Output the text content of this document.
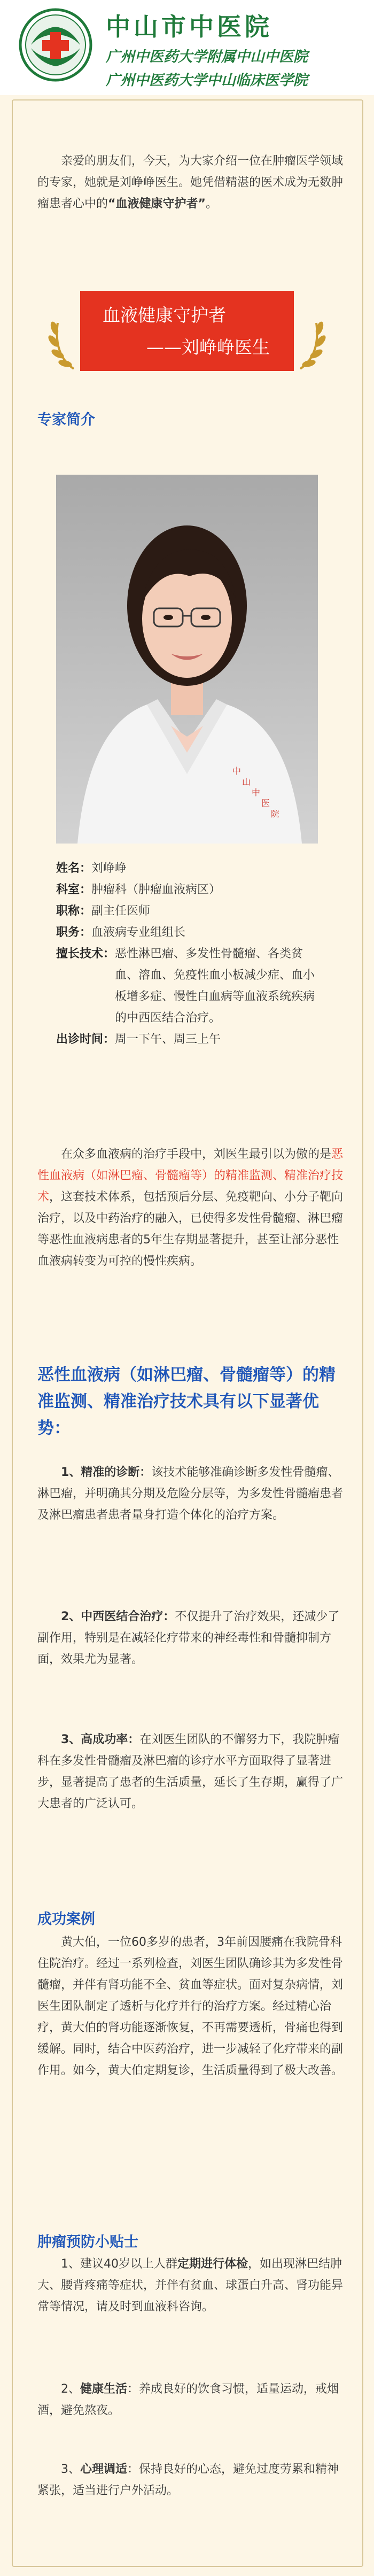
中山市中医院
广州中医药大学附属中山中医院
广州中医药大学中山临床医学院

亲爱的朋友们，今天，为大家介绍一位在肿瘤医学领域的专家，她就是刘峥峥医生。她凭借精湛的医术成为无数肿瘤患者心中的“血液健康守护者”。

血液健康守护者
——刘峥峥医生
专家简介
中
山
中
医
院
姓名： 刘峥峥
科室： 肿瘤科（肿瘤血液病区）
职称： 副主任医师
职务： 血液病专业组组长
擅长技术： 恶性淋巴瘤、多发性骨髓瘤、各类贫血、溶血、免疫性血小板减少症、血小板增多症、慢性白血病等血液系统疾病的中西医结合治疗。
出诊时间： 周一下午、周三上午

在众多血液病的治疗手段中，刘医生最引以为傲的是恶性血液病（如淋巴瘤、骨髓瘤等）的精准监测、精准治疗技术，这套技术体系，包括预后分层、免疫靶向、小分子靶向治疗，以及中药治疗的融入，已使得多发性骨髓瘤、淋巴瘤等恶性血液病患者的5年生存期显著提升，甚至让部分恶性血液病转变为可控的慢性疾病。

恶性血液病（如淋巴瘤、骨髓瘤等）的精准监测、精准治疗技术具有以下显著优势：

1、精准的诊断：该技术能够准确诊断多发性骨髓瘤、淋巴瘤，并明确其分期及危险分层等，为多发性骨髓瘤患者及淋巴瘤患者患者量身打造个体化的治疗方案。

2、中西医结合治疗：不仅提升了治疗效果，还减少了副作用，特别是在减轻化疗带来的神经毒性和骨髓抑制方面，效果尤为显著。

3、高成功率：在刘医生团队的不懈努力下，我院肿瘤科在多发性骨髓瘤及淋巴瘤的诊疗水平方面取得了显著进步，显著提高了患者的生活质量，延长了生存期，赢得了广大患者的广泛认可。

成功案例

黄大伯，一位60多岁的患者，3年前因腰痛在我院骨科住院治疗。经过一系列检查，刘医生团队确诊其为多发性骨髓瘤，并伴有肾功能不全、贫血等症状。面对复杂病情，刘医生团队制定了透析与化疗并行的治疗方案。经过精心治疗，黄大伯的肾功能逐渐恢复，不再需要透析，骨痛也得到缓解。同时，结合中医药治疗，进一步减轻了化疗带来的副作用。如今，黄大伯定期复诊，生活质量得到了极大改善。

肿瘤预防小贴士

1、建议40岁以上人群定期进行体检，如出现淋巴结肿大、腰背疼痛等症状，并伴有贫血、球蛋白升高、肾功能异常等情况，请及时到血液科咨询。

2、健康生活：养成良好的饮食习惯，适量运动，戒烟酒，避免熬夜。

3、心理调适：保持良好的心态，避免过度劳累和精神紧张，适当进行户外活动。
